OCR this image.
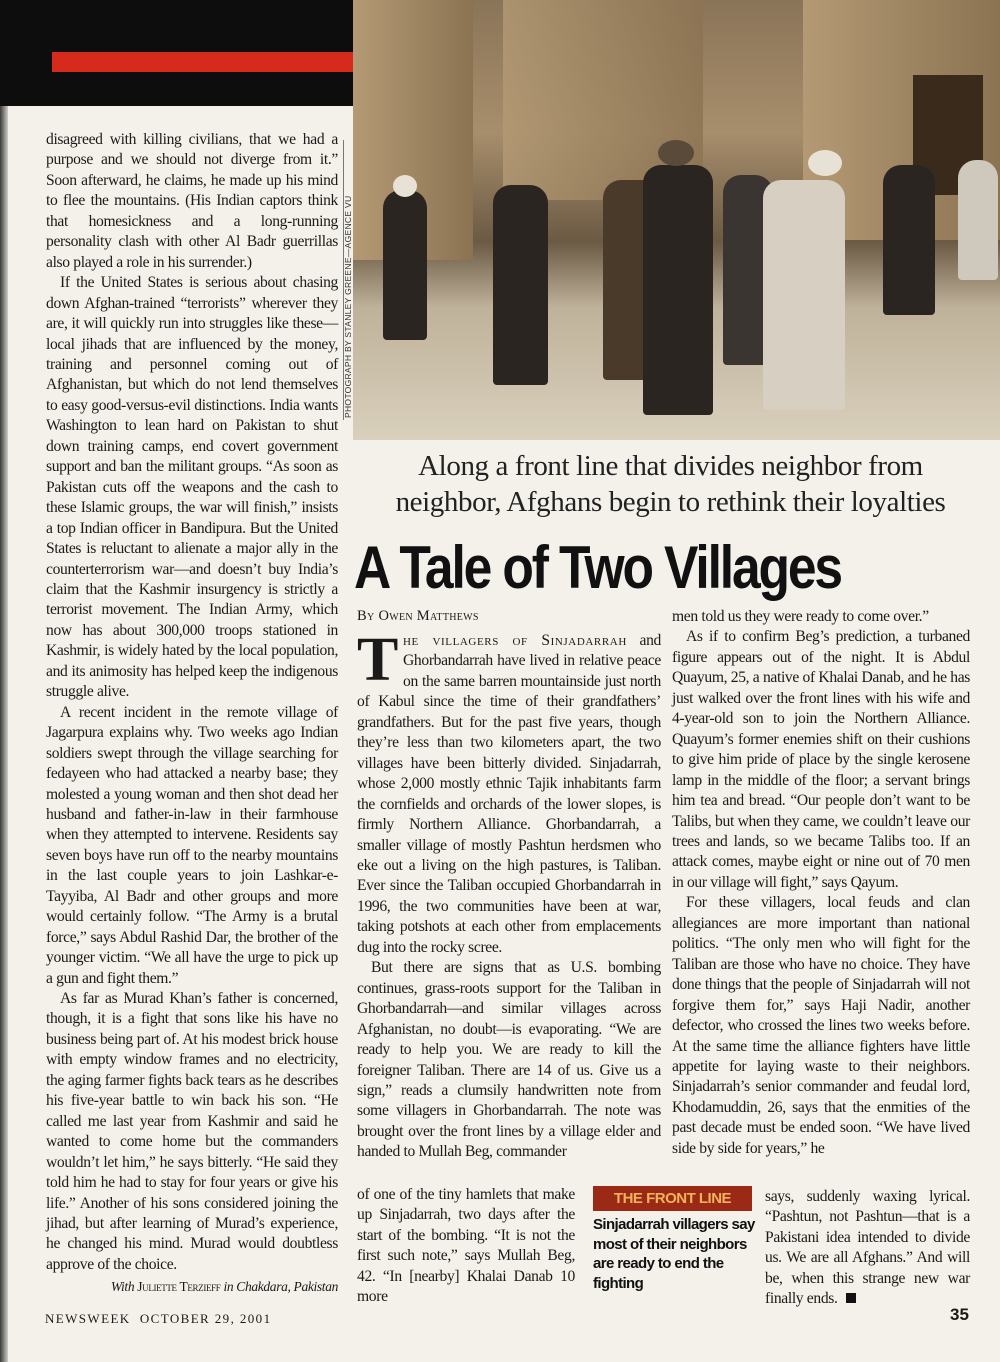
PHOTOGRAPH BY STANLEY GREENE—AGENCE VU

disagreed with killing civilians, that we had a purpose and we should not diverge from it.” Soon afterward, he claims, he made up his mind to flee the mountains. (His Indian captors think that homesickness and a long-running personality clash with other Al Badr guerrillas also played a role in his surrender.)

If the United States is serious about chasing down Afghan-trained “terrorists” wherever they are, it will quickly run into struggles like these—local jihads that are influenced by the money, training and personnel coming out of Afghanistan, but which do not lend themselves to easy good-versus-evil distinctions. India wants Washington to lean hard on Pakistan to shut down training camps, end covert government support and ban the militant groups. “As soon as Pakistan cuts off the weapons and the cash to these Islamic groups, the war will finish,” insists a top Indian officer in Bandipura. But the United States is reluctant to alienate a major ally in the counterterrorism war—and doesn’t buy India’s claim that the Kashmir insurgency is strictly a terrorist movement. The Indian Army, which now has about 300,000 troops stationed in Kashmir, is widely hated by the local population, and its animosity has helped keep the indigenous struggle alive.

A recent incident in the remote village of Jagarpura explains why. Two weeks ago Indian soldiers swept through the village searching for fedayeen who had attacked a nearby base; they molested a young woman and then shot dead her husband and father-in-law in their farmhouse when they attempted to intervene. Residents say seven boys have run off to the nearby mountains in the last couple years to join Lashkar-e-Tayyiba, Al Badr and other groups and more would certainly follow. “The Army is a brutal force,” says Abdul Rashid Dar, the brother of the younger victim. “We all have the urge to pick up a gun and fight them.”

As far as Murad Khan’s father is concerned, though, it is a fight that sons like his have no business being part of. At his modest brick house with empty window frames and no electricity, the aging farmer fights back tears as he describes his five-year battle to win back his son. “He called me last year from Kashmir and said he wanted to come home but the commanders wouldn’t let him,” he says bitterly. “He said they told him he had to stay for four years or give his life.” Another of his sons considered joining the jihad, but after learning of Murad’s experience, he changed his mind. Murad would doubtless approve of the choice.

With Juliette Terzieff in Chakdara, Pakistan
Along a front line that divides neighbor from neighbor, Afghans begin to rethink their loyalties
A Tale of Two Villages
By Owen Matthews

The villagers of Sinjadarrah and Ghorbandarrah have lived in relative peace on the same barren mountainside just north of Kabul since the time of their grandfathers’ grandfathers. But for the past five years, though they’re less than two kilometers apart, the two villages have been bitterly divided. Sinjadarrah, whose 2,000 mostly ethnic Tajik inhabitants farm the cornfields and orchards of the lower slopes, is firmly Northern Alliance. Ghorbandarrah, a smaller village of mostly Pashtun herdsmen who eke out a living on the high pastures, is Taliban. Ever since the Taliban occupied Ghorbandarrah in 1996, the two communities have been at war, taking potshots at each other from emplacements dug into the rocky scree.

But there are signs that as U.S. bombing continues, grass-roots support for the Taliban in Ghorbandarrah—and similar villages across Afghanistan, no doubt—is evaporating. “We are ready to help you. We are ready to kill the foreigner Taliban. There are 14 of us. Give us a sign,” reads a clumsily handwritten note from some villagers in Ghorbandarrah. The note was brought over the front lines by a village elder and handed to Mullah Beg, commander

of one of the tiny hamlets that make up Sinjadarrah, two days after the start of the bombing. “It is not the first such note,” says Mullah Beg, 42. “In [nearby] Khalai Danab 10 more

men told us they were ready to come over.”

As if to confirm Beg’s prediction, a turbaned figure appears out of the night. It is Abdul Quayum, 25, a native of Khalai Danab, and he has just walked over the front lines with his wife and 4-year-old son to join the Northern Alliance. Quayum’s former enemies shift on their cushions to give him pride of place by the single kerosene lamp in the middle of the floor; a servant brings him tea and bread. “Our people don’t want to be Talibs, but when they came, we couldn’t leave our trees and lands, so we became Talibs too. If an attack comes, maybe eight or nine out of 70 men in our village will fight,” says Qayum.

For these villagers, local feuds and clan allegiances are more important than national politics. “The only men who will fight for the Taliban are those who have no choice. They have done things that the people of Sinjadarrah will not forgive them for,” says Haji Nadir, another defector, who crossed the lines two weeks before. At the same time the alliance fighters have little appetite for laying waste to their neighbors. Sinjadarrah’s senior commander and feudal lord, Khodamuddin, 26, says that the enmities of the past decade must be ended soon. “We have lived side by side for years,” he

says, suddenly waxing lyrical. “Pashtun, not Pashtun—that is a Pakistani idea intended to divide us. We are all Afghans.” And will be, when this strange new war finally ends.

THE FRONT LINE
Sinjadarrah villagers say most of their neighbors are ready to end the fighting
NEWSWEEK OCTOBER 29, 2001	35
